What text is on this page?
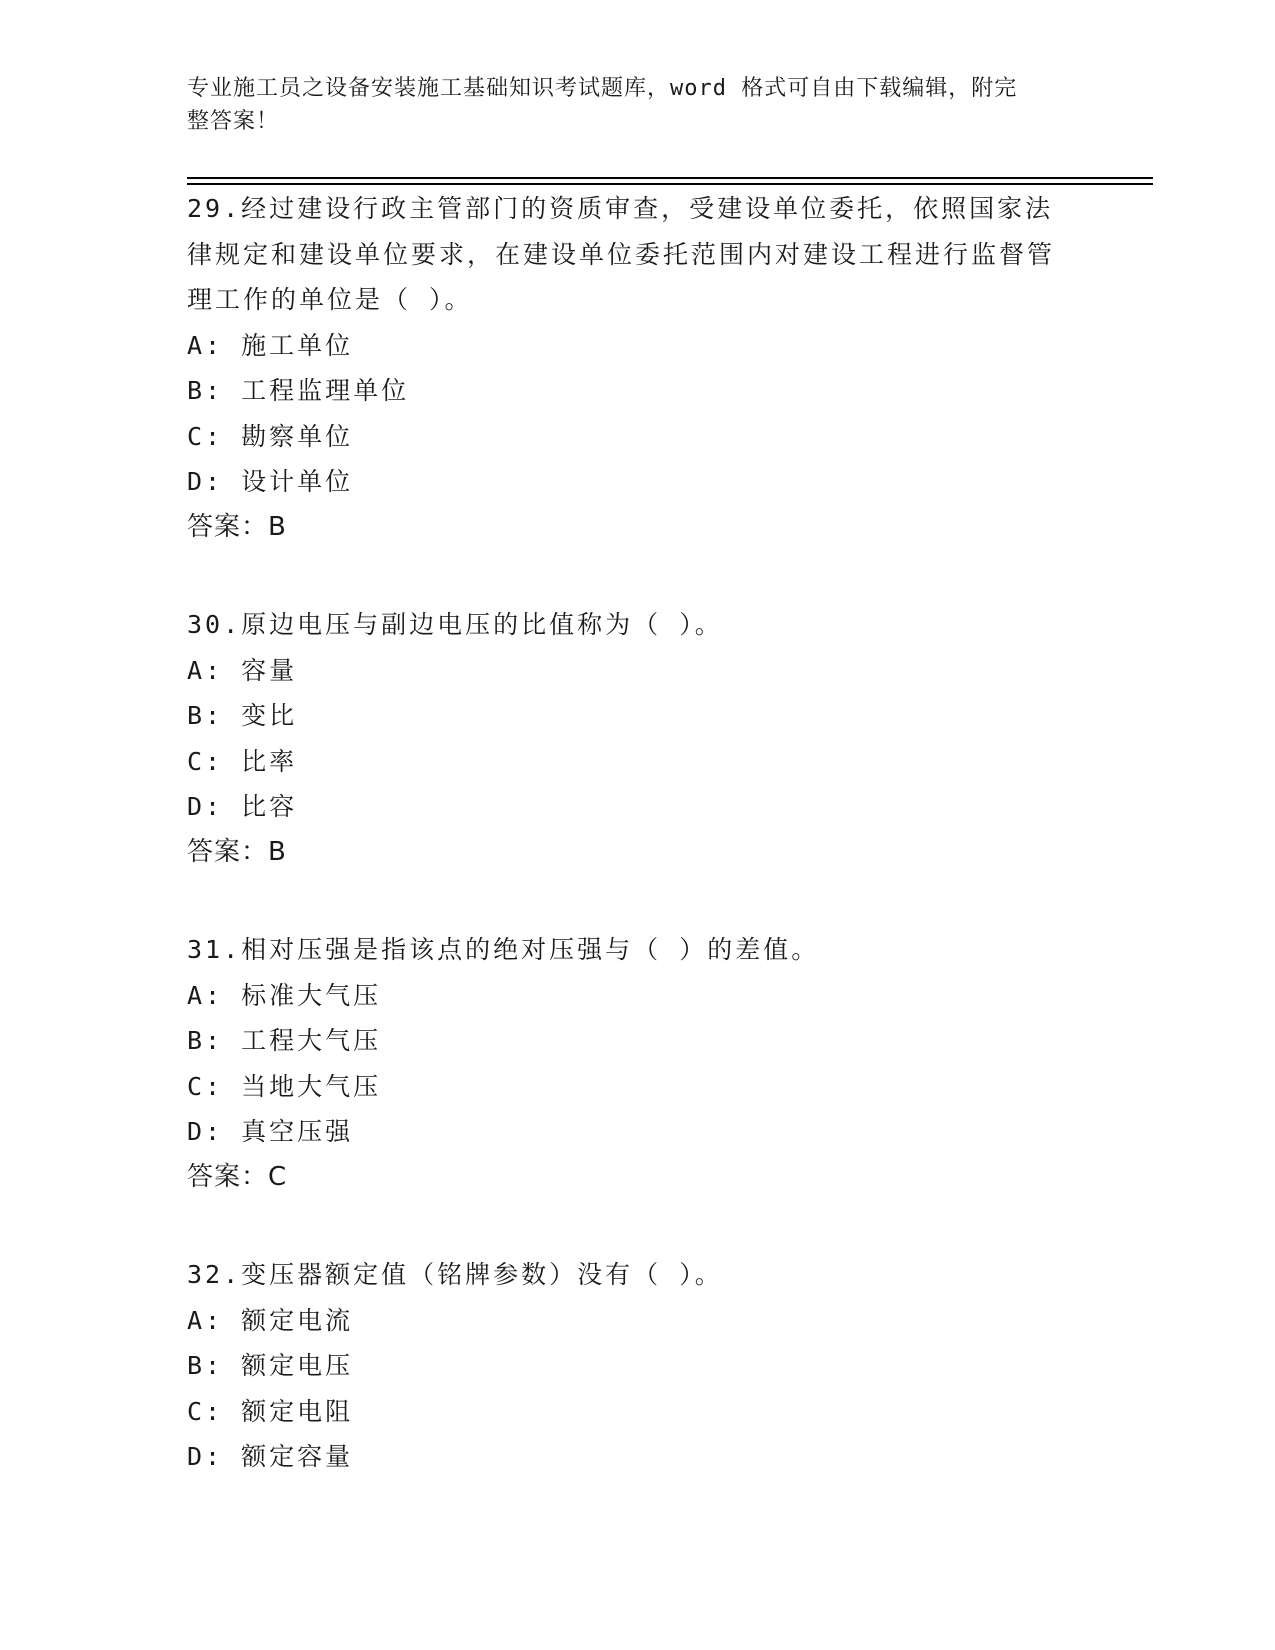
专业施工员之设备安装施工基础知识考试题库，word 格式可自由下载编辑，附完
整答案！
29.经过建设行政主管部门的资质审查，受建设单位委托，依照国家法律规定和建设单位要求，在建设单位委托范围内对建设工程进行监督管理工作的单位是（ ）。
A: 施工单位
B: 工程监理单位
C: 勘察单位
D: 设计单位
答案：B
30.原边电压与副边电压的比值称为（ ）。
A: 容量
B: 变比
C: 比率
D: 比容
答案：B
31.相对压强是指该点的绝对压强与（ ）的差值。
A: 标准大气压
B: 工程大气压
C: 当地大气压
D: 真空压强
答案：C
32.变压器额定值（铭牌参数）没有（ ）。
A: 额定电流
B: 额定电压
C: 额定电阻
D: 额定容量
